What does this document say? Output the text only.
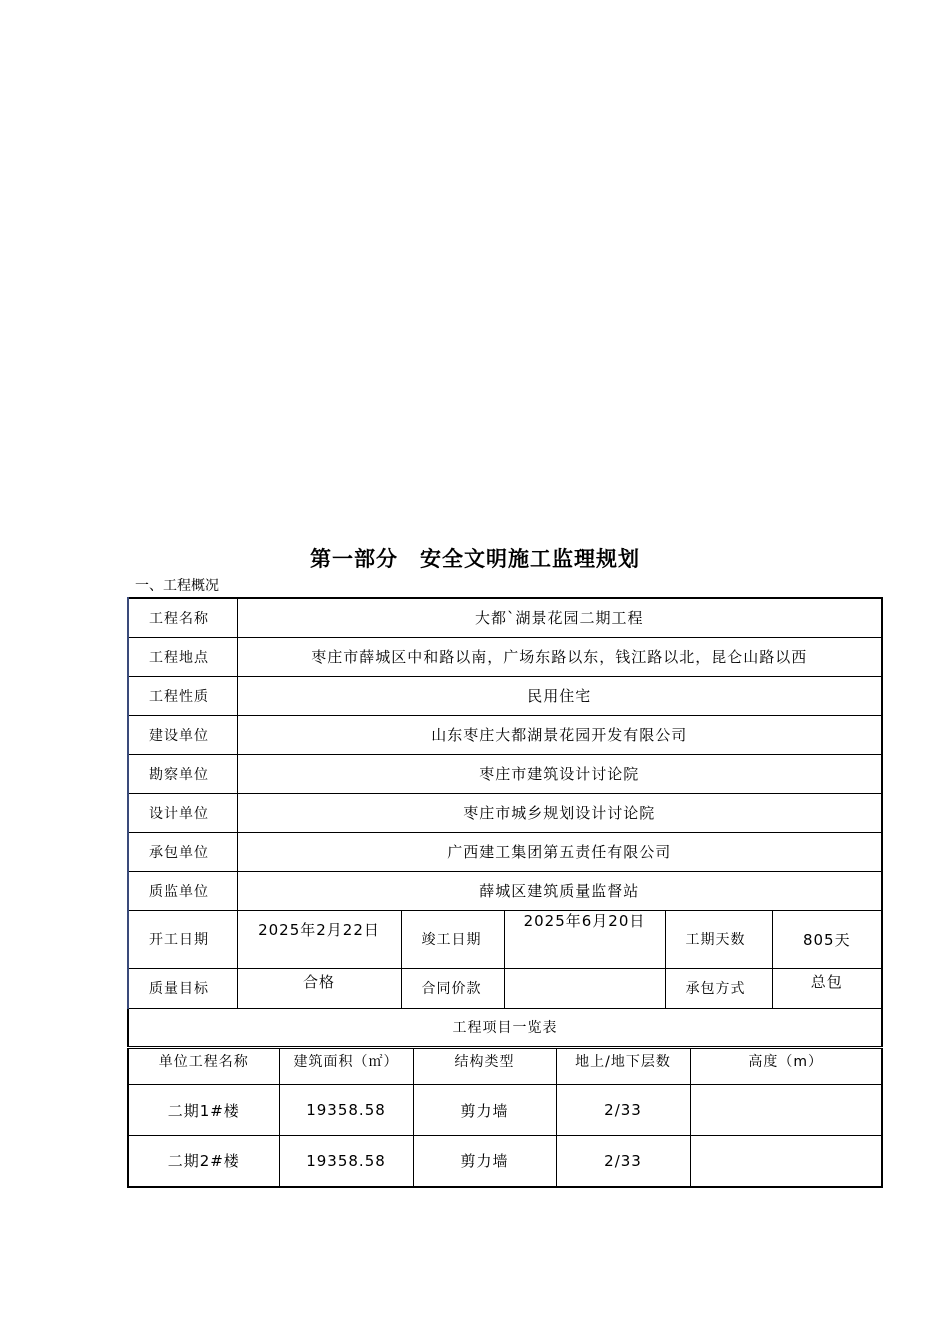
第一部分　安全文明施工监理规划
一、工程概况
工程名称	大都`湖景花园二期工程				
工程地点	枣庄市薛城区中和路以南，广场东路以东，钱江路以北，昆仑山路以西				
工程性质	民用住宅				
建设单位	山东枣庄大都湖景花园开发有限公司				
勘察单位	枣庄市建筑设计讨论院				
设计单位	枣庄市城乡规划设计讨论院				
承包单位	广西建工集团第五责任有限公司				
质监单位	薛城区建筑质量监督站				
开工日期	2025年2月22日	竣工日期	2025年6月20日	工期天数	805天
质量目标	合格	合同价款		承包方式	总包
工程项目一览表					
单位工程名称	建筑面积（㎡）	结构类型	地上/地下层数	高度（m）
二期1#楼	19358.58	剪力墙	2/33	
二期2#楼	19358.58	剪力墙	2/33	
